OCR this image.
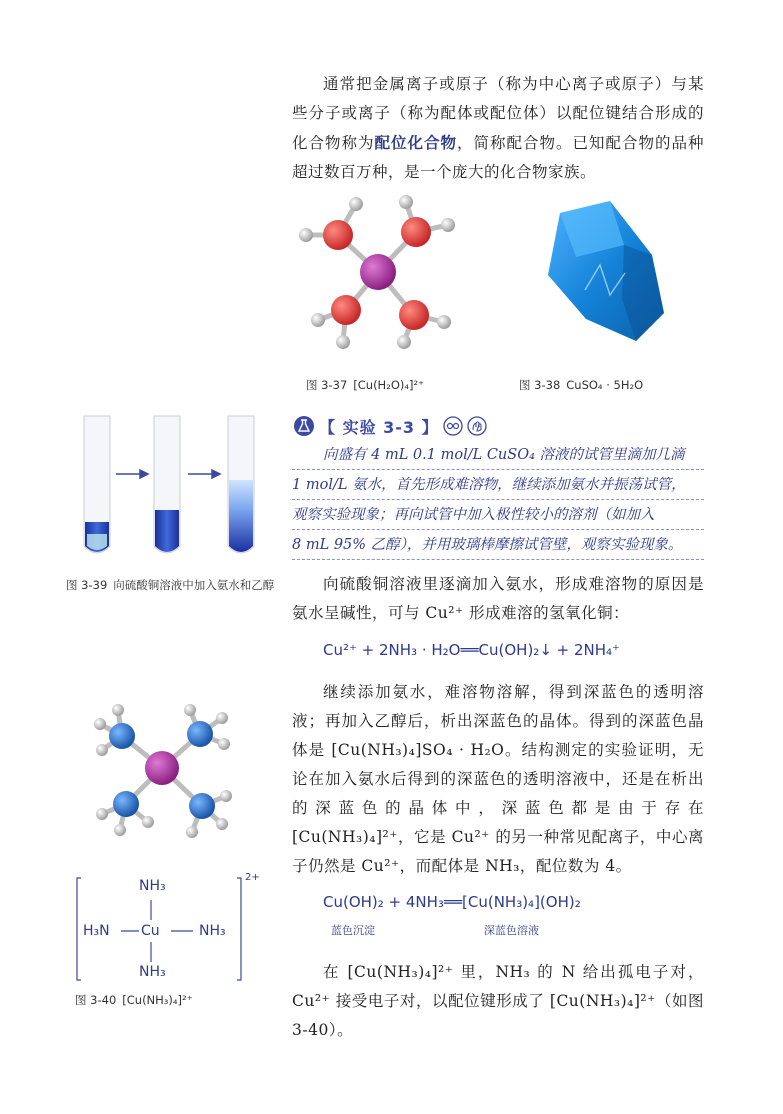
通常把金属离子或原子（称为中心离子或原子）与某些分子或离子（称为配体或配位体）以配位键结合形成的化合物称为配位化合物，简称配合物。已知配合物的品种超过数百万种，是一个庞大的化合物家族。

图 3-37 [Cu(H₂O)₄]²⁺	图 3-38 CuSO₄ · 5H₂O
图 3-39 向硫酸铜溶液中加入氨水和乙醇
【 实验 3-3 】

向盛有 4 mL 0.1 mol/L CuSO₄ 溶液的试管里滴加几滴
1 mol/L 氨水，首先形成难溶物，继续添加氨水并振荡试管，
观察实验现象；再向试管中加入极性较小的溶剂（如加入
8 mL 95% 乙醇），并用玻璃棒摩擦试管壁，观察实验现象。

向硫酸铜溶液里逐滴加入氨水，形成难溶物的原因是氨水呈碱性，可与 Cu²⁺ 形成难溶的氢氧化铜：

Cu²⁺ + 2NH₃ · H₂O══Cu(OH)₂↓ + 2NH₄⁺
NH₃
H₃N Cu	NH₃
NH₃
2+
图 3-40 [Cu(NH₃)₄]²⁺

继续添加氨水，难溶物溶解，得到深蓝色的透明溶液；再加入乙醇后，析出深蓝色的晶体。得到的深蓝色晶体是 [Cu(NH₃)₄]SO₄ · H₂O。结构测定的实验证明，无论在加入氨水后得到的深蓝色的透明溶液中，还是在析出的深蓝色的晶体中，深蓝色都是由于存在 [Cu(NH₃)₄]²⁺，它是 Cu²⁺ 的另一种常见配离子，中心离子仍然是 Cu²⁺，而配体是 NH₃，配位数为 4。

Cu(OH)₂ + 4NH₃══[Cu(NH₃)₄](OH)₂
蓝色沉淀	深蓝色溶液

在 [Cu(NH₃)₄]²⁺ 里，NH₃ 的 N 给出孤电子对，Cu²⁺ 接受电子对，以配位键形成了 [Cu(NH₃)₄]²⁺（如图 3-40）。
